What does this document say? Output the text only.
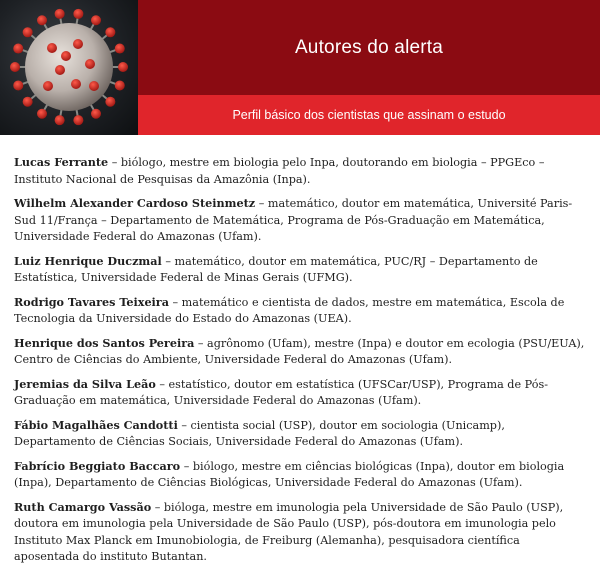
Autores do alerta
Perfil básico dos cientistas que assinam o estudo

Lucas Ferrante – biólogo, mestre em biologia pelo Inpa, doutorando em biologia – PPGEco – Instituto Nacional de Pesquisas da Amazônia (Inpa).

Wilhelm Alexander Cardoso Steinmetz – matemático, doutor em matemática, Université Paris-Sud 11/França – Departamento de Matemática, Programa de Pós-Graduação em Matemática, Universidade Federal do Amazonas (Ufam).

Luiz Henrique Duczmal – matemático, doutor em matemática, PUC/RJ – Departamento de Estatística, Universidade Federal de Minas Gerais (UFMG).

Rodrigo Tavares Teixeira – matemático e cientista de dados, mestre em matemática, Escola de Tecnologia da Universidade do Estado do Amazonas (UEA).

Henrique dos Santos Pereira – agrônomo (Ufam), mestre (Inpa) e doutor em ecologia (PSU/EUA), Centro de Ciências do Ambiente, Universidade Federal do Amazonas (Ufam).

Jeremias da Silva Leão – estatístico, doutor em estatística (UFSCar/USP), Programa de Pós-Graduação em matemática, Universidade Federal do Amazonas (Ufam).

Fábio Magalhães Candotti – cientista social (USP), doutor em sociologia (Unicamp), Departamento de Ciências Sociais, Universidade Federal do Amazonas (Ufam).

Fabrício Beggiato Baccaro – biólogo, mestre em ciências biológicas (Inpa), doutor em biologia (Inpa), Departamento de Ciências Biológicas, Universidade Federal do Amazonas (Ufam).

Ruth Camargo Vassão – bióloga, mestre em imunologia pela Universidade de São Paulo (USP), doutora em imunologia pela Universidade de São Paulo (USP), pós-doutora em imunologia pelo Instituto Max Planck em Imunobiologia, de Freiburg (Alemanha), pesquisadora científica aposentada do instituto Butantan.
